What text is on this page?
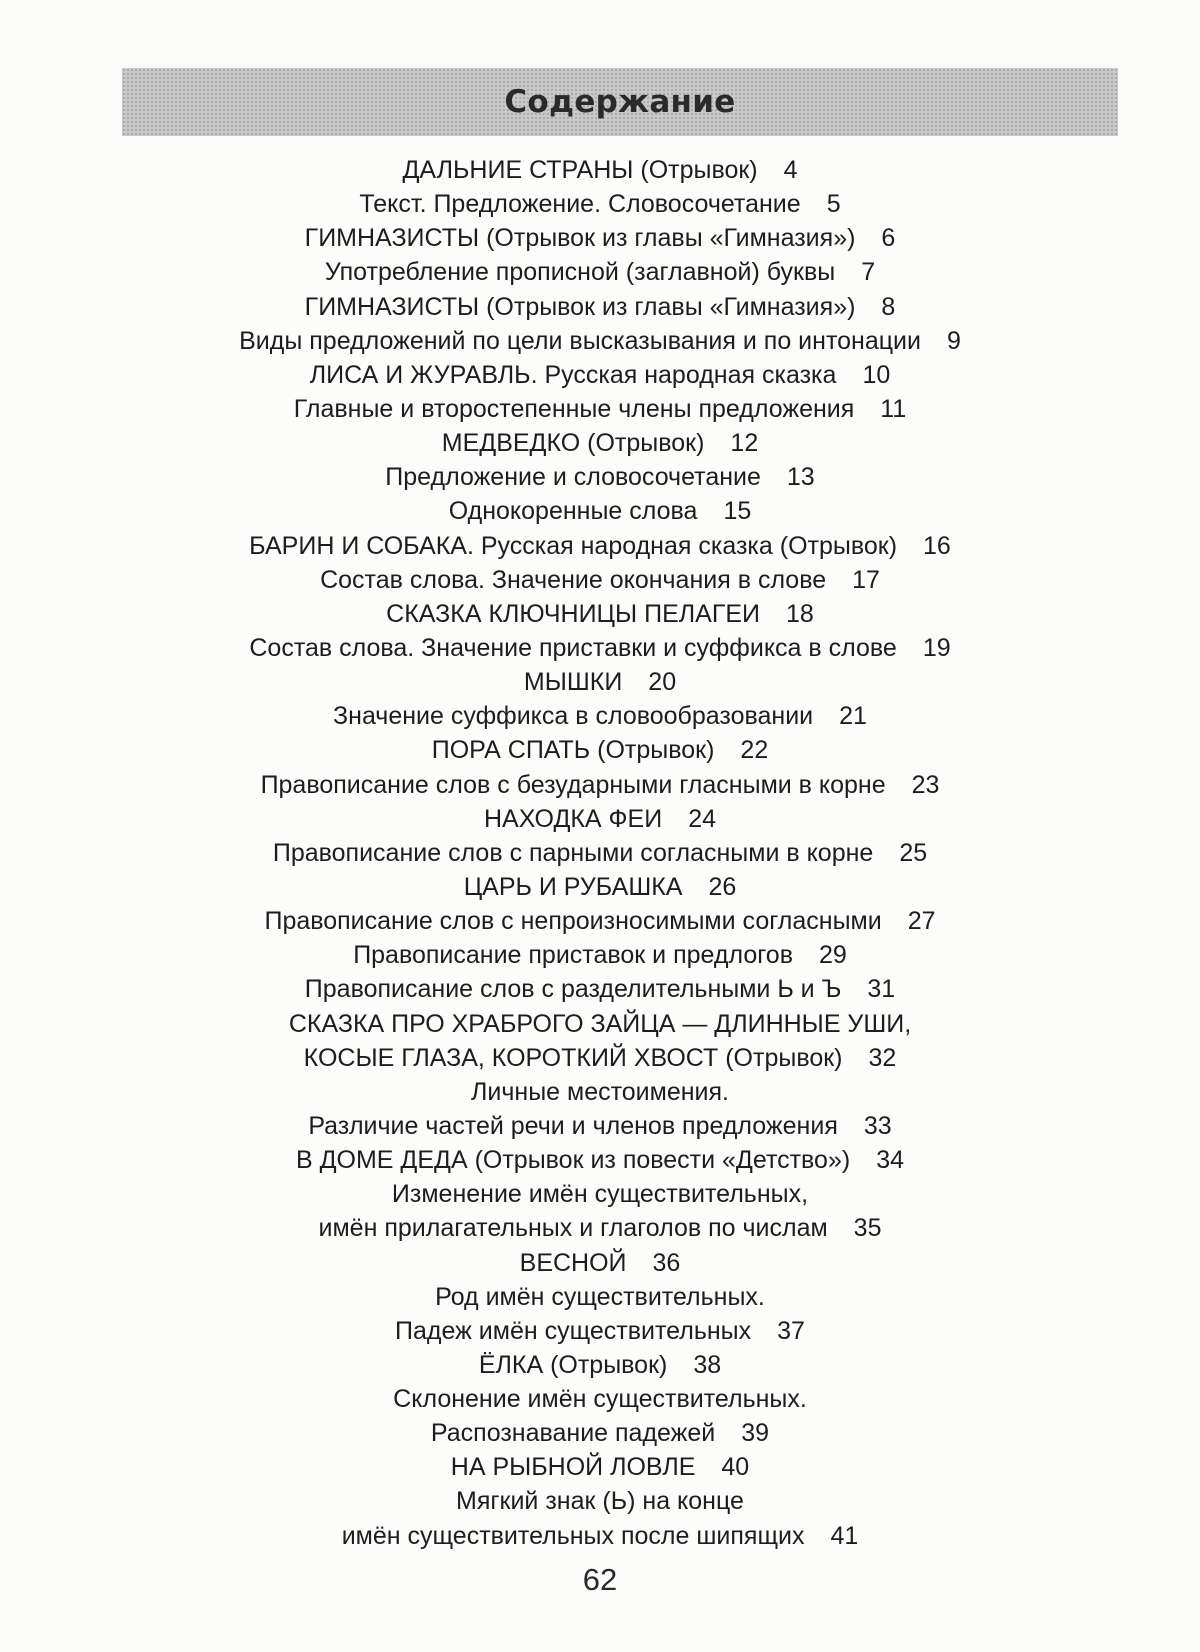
Содержание
ДАЛЬНИЕ СТРАНЫ (Отрывок) 4
Текст. Предложение. Словосочетание 5
ГИМНАЗИСТЫ (Отрывок из главы «Гимназия») 6
Употребление прописной (заглавной) буквы 7
ГИМНАЗИСТЫ (Отрывок из главы «Гимназия») 8
Виды предложений по цели высказывания и по интонации 9
ЛИСА И ЖУРАВЛЬ. Русская народная сказка 10
Главные и второстепенные члены предложения 11
МЕДВЕДКО (Отрывок) 12
Предложение и словосочетание 13
Однокоренные слова 15
БАРИН И СОБАКА. Русская народная сказка (Отрывок) 16
Состав слова. Значение окончания в слове 17
СКАЗКА КЛЮЧНИЦЫ ПЕЛАГЕИ 18
Состав слова. Значение приставки и суффикса в слове 19
МЫШКИ 20
Значение суффикса в словообразовании 21
ПОРА СПАТЬ (Отрывок) 22
Правописание слов с безударными гласными в корне 23
НАХОДКА ФЕИ 24
Правописание слов с парными согласными в корне 25
ЦАРЬ И РУБАШКА 26
Правописание слов с непроизносимыми согласными 27
Правописание приставок и предлогов 29
Правописание слов с разделительными Ь и Ъ 31
СКАЗКА ПРО ХРАБРОГО ЗАЙЦА — ДЛИННЫЕ УШИ,
КОСЫЕ ГЛАЗА, КОРОТКИЙ ХВОСТ (Отрывок) 32
Личные местоимения.
Различие частей речи и членов предложения 33
В ДОМЕ ДЕДА (Отрывок из повести «Детство») 34
Изменение имён существительных,
имён прилагательных и глаголов по числам 35
ВЕСНОЙ 36
Род имён существительных.
Падеж имён существительных 37
ЁЛКА (Отрывок) 38
Склонение имён существительных.
Распознавание падежей 39
НА РЫБНОЙ ЛОВЛЕ 40
Мягкий знак (Ь) на конце
имён существительных после шипящих 41
62
